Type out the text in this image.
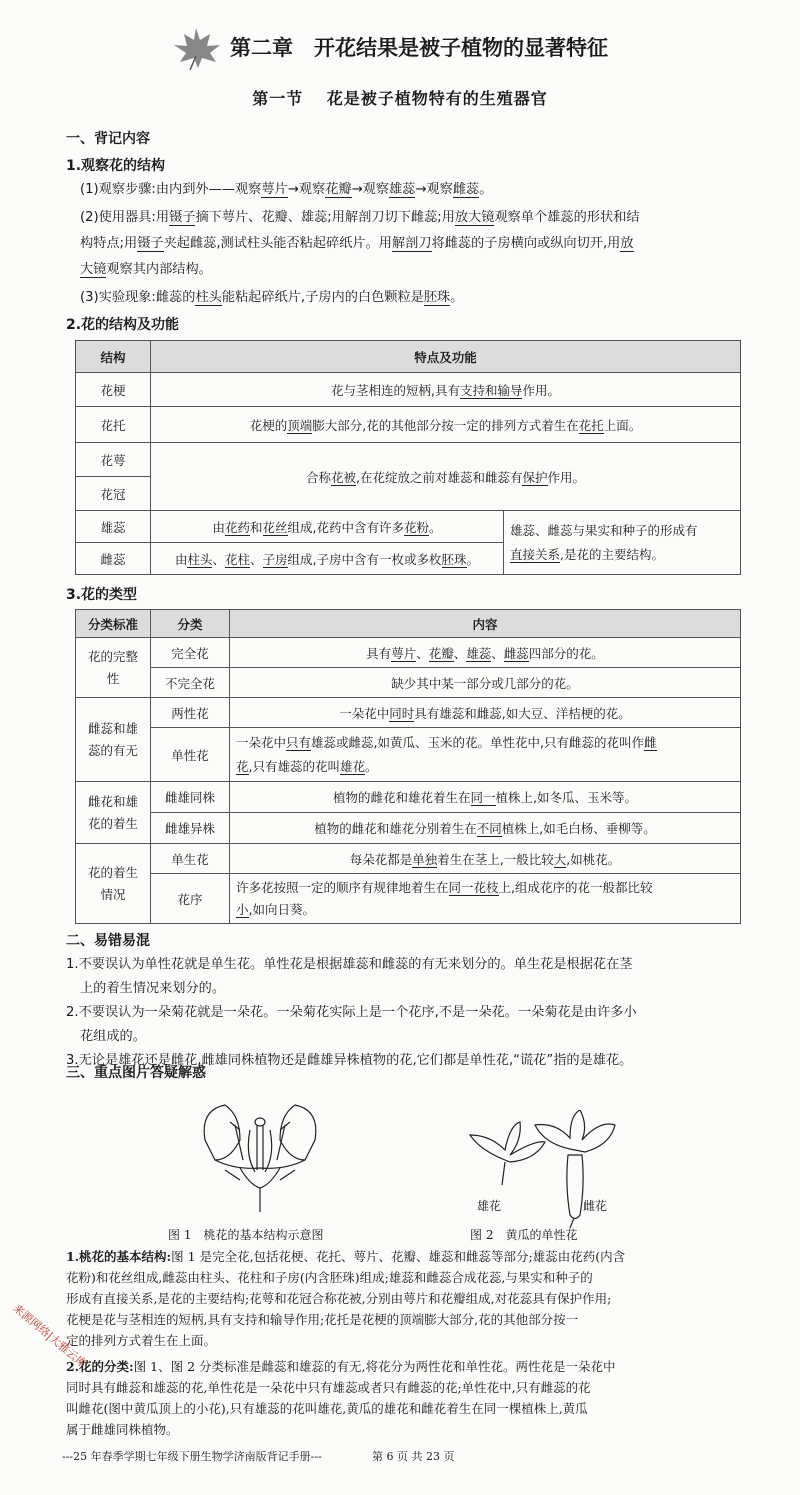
第二章　开花结果是被子植物的显著特征
第一节　 花是被子植物特有的生殖器官
一、背记内容
1.观察花的结构
(1)观察步骤:由内到外——观察萼片→观察花瓣→观察雄蕊→观察雌蕊。
(2)使用器具:用镊子摘下萼片、花瓣、雄蕊;用解剖刀切下雌蕊;用放大镜观察单个雄蕊的形状和结
构特点;用镊子夹起雌蕊,测试柱头能否粘起碎纸片。用解剖刀将雌蕊的子房横向或纵向切开,用放
大镜观察其内部结构。
(3)实验现象:雌蕊的柱头能粘起碎纸片,子房内的白色颗粒是胚珠。
2.花的结构及功能
结构	特点及功能	
花梗	花与茎相连的短柄,具有支持和输导作用。	
花托	花梗的顶端膨大部分,花的其他部分按一定的排列方式着生在花托上面。	
花萼	合称花被,在花绽放之前对雄蕊和雌蕊有保护作用。	
花冠		
雄蕊	由花药和花丝组成,花药中含有许多花粉。	雄蕊、雌蕊与果实和种子的形成有
直接关系,是花的主要结构。
雌蕊	由柱头、花柱、子房组成,子房中含有一枚或多枚胚珠。	
3.花的类型
分类标准	分类	内容
花的完整性	完全花	具有萼片、花瓣、雄蕊、雌蕊四部分的花。
	不完全花	缺少其中某一部分或几部分的花。
雌蕊和雄蕊的有无	两性花	一朵花中同时具有雄蕊和雌蕊,如大豆、洋桔梗的花。
	单性花	一朵花中只有雄蕊或雌蕊,如黄瓜、玉米的花。单性花中,只有雌蕊的花叫作雌
花,只有雄蕊的花叫雄花。
雌花和雄花的着生	雌雄同株	植物的雌花和雄花着生在同一植株上,如冬瓜、玉米等。
	雌雄异株	植物的雌花和雄花分别着生在不同植株上,如毛白杨、垂柳等。
花的着生情况	单生花	每朵花都是单独着生在茎上,一般比较大,如桃花。
	花序	许多花按照一定的顺序有规律地着生在同一花枝上,组成花序的花一般都比较
小,如向日葵。
二、易错易混
1.不要误认为单性花就是单生花。单性花是根据雄蕊和雌蕊的有无来划分的。单生花是根据花在茎
上的着生情况来划分的。
2.不要误认为一朵菊花就是一朵花。一朵菊花实际上是一个花序,不是一朵花。一朵菊花是由许多小
花组成的。
3.无论是雄花还是雌花,雌雄同株植物还是雌雄异株植物的花,它们都是单性花,“谎花”指的是雄花。
三、重点图片答疑解惑
图 1　桃花的基本结构示意图
雄花	雌花
图 2　黄瓜的单性花
1.桃花的基本结构:图 1 是完全花,包括花梗、花托、萼片、花瓣、雄蕊和雌蕊等部分;雄蕊由花药(内含
花粉)和花丝组成,雌蕊由柱头、花柱和子房(内含胚珠)组成;雄蕊和雌蕊合成花蕊,与果实和种子的
形成有直接关系,是花的主要结构;花萼和花冠合称花被,分别由萼片和花瓣组成,对花蕊具有保护作用;
花梗是花与茎相连的短柄,具有支持和输导作用;花托是花梗的顶端膨大部分,花的其他部分按一
定的排列方式着生在上面。
2.花的分类:图 1、图 2 分类标准是雌蕊和雄蕊的有无,将花分为两性花和单性花。两性花是一朵花中
同时具有雌蕊和雄蕊的花,单性花是一朵花中只有雄蕊或者只有雌蕊的花;单性花中,只有雌蕊的花
叫雌花(图中黄瓜顶上的小花),只有雄蕊的花叫雄花,黄瓜的雄花和雌花着生在同一棵植株上,黄瓜
属于雌雄同株植物。
---25 年春季学期七年级下册生物学济南版背记手册---	第 6 页 共 23 页
来源网络|大雅云库
